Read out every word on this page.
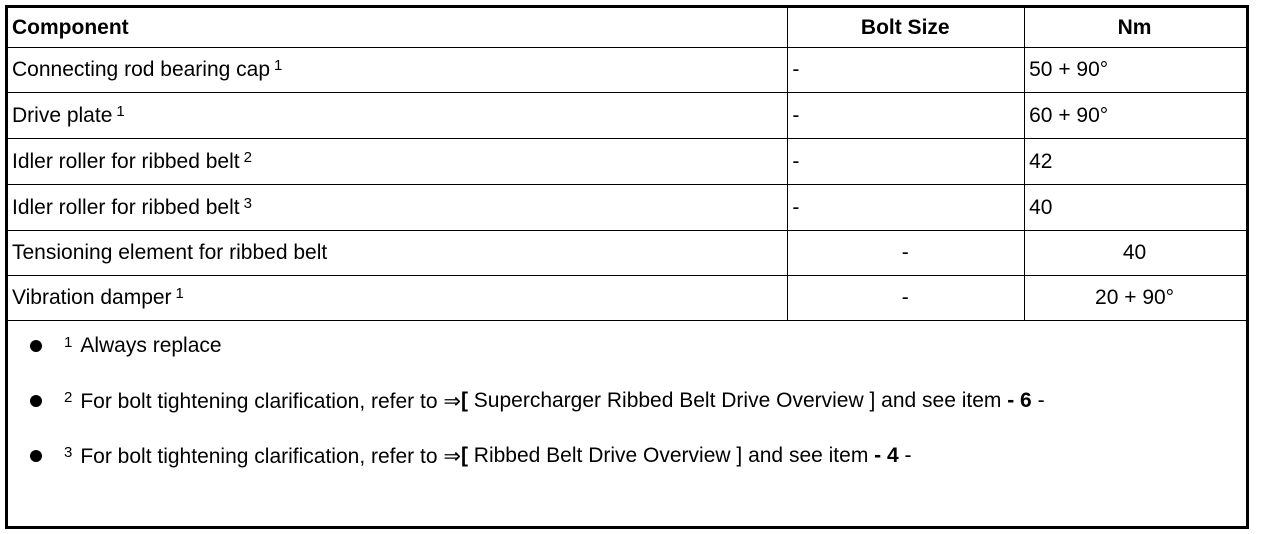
Component	Bolt Size	Nm
Connecting rod bearing cap $^1$	-	50 + 90°
Drive plate $^1$	-	60 + 90°
Idler roller for ribbed belt $^2$	-	42
Idler roller for ribbed belt $^3$	-	40
Tensioning element for ribbed belt	-	40
Vibration damper $^1$	-	20 + 90°
$^1$ Always replace
$^2$ For bolt tightening clarification, refer to ⇒ [ Supercharger Ribbed Belt Drive Overview ] and see item - 6 -
$^3$ For bolt tightening clarification, refer to ⇒ [ Ribbed Belt Drive Overview ] and see item - 4 -
